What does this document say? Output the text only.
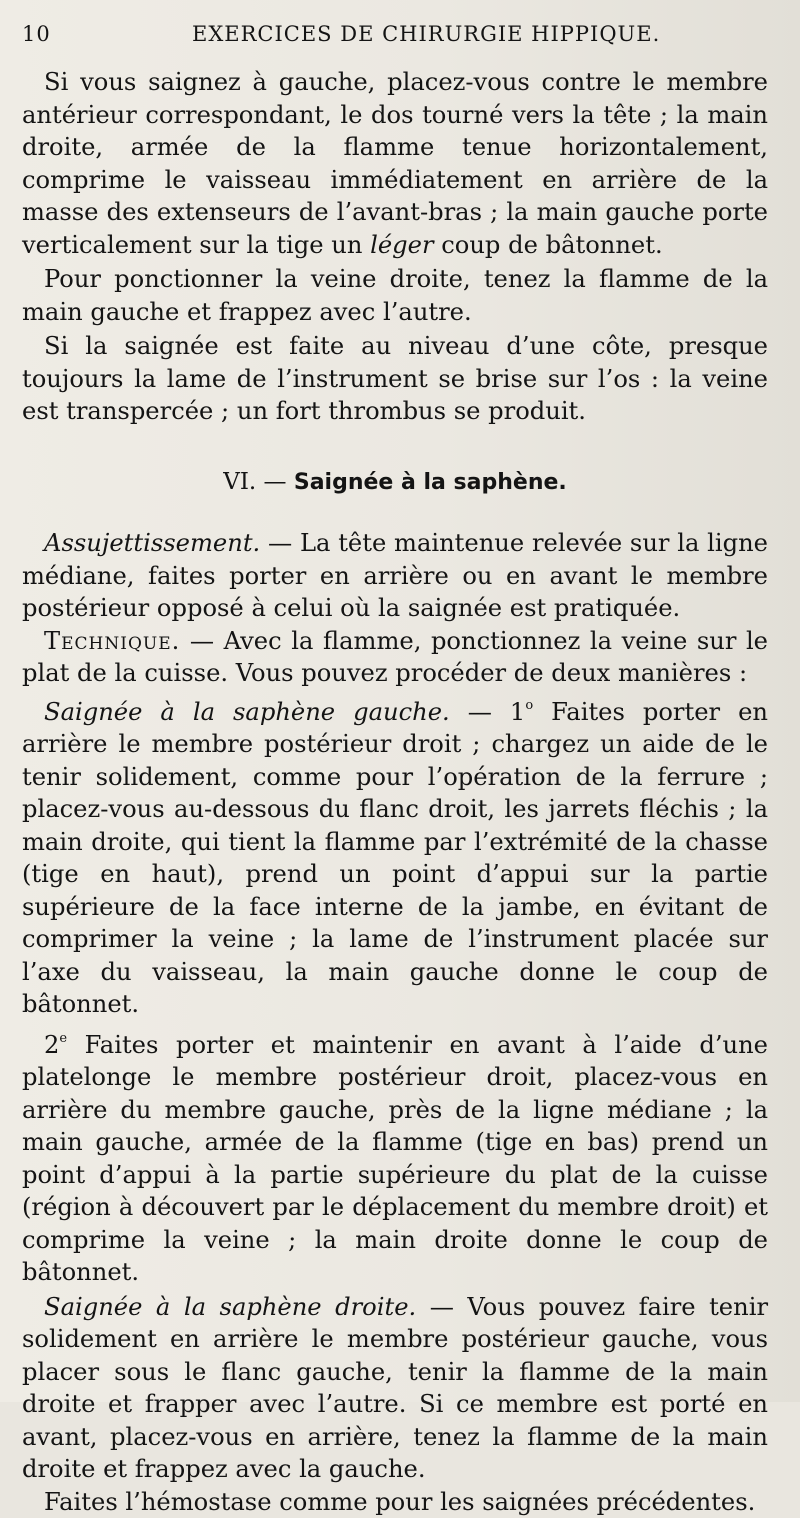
10	EXERCICES DE CHIRURGIE HIPPIQUE.

Si vous saignez à gauche, placez-vous contre le membre antérieur correspondant, le dos tourné vers la tête ; la main droite, armée de la flamme tenue horizontalement, comprime le vaisseau immédiatement en arrière de la masse des extenseurs de l’avant-bras ; la main gauche porte verticalement sur la tige un léger coup de bâtonnet.

Pour ponctionner la veine droite, tenez la flamme de la main gauche et frappez avec l’autre.

Si la saignée est faite au niveau d’une côte, presque toujours la lame de l’instrument se brise sur l’os : la veine est transpercée ; un fort thrombus se produit.

VI. — Saignée à la saphène.

Assujettissement. — La tête maintenue relevée sur la ligne médiane, faites porter en arrière ou en avant le membre postérieur opposé à celui où la saignée est pratiquée.

Technique. — Avec la flamme, ponctionnez la veine sur le plat de la cuisse. Vous pouvez procéder de deux manières :

Saignée à la saphène gauche. — 1$^o$ Faites porter en arrière le membre postérieur droit ; chargez un aide de le tenir solidement, comme pour l’opération de la ferrure ; placez-vous au-dessous du flanc droit, les jarrets fléchis ; la main droite, qui tient la flamme par l’extrémité de la chasse (tige en haut), prend un point d’appui sur la partie supérieure de la face interne de la jambe, en évitant de comprimer la veine ; la lame de l’instrument placée sur l’axe du vaisseau, la main gauche donne le coup de bâtonnet.

2e Faites porter et maintenir en avant à l’aide d’une platelonge le membre postérieur droit, placez-vous en arrière du membre gauche, près de la ligne médiane ; la main gauche, armée de la flamme (tige en bas) prend un point d’appui à la partie supérieure du plat de la cuisse (région à découvert par le déplacement du membre droit) et comprime la veine ; la main droite donne le coup de bâtonnet.

Saignée à la saphène droite. — Vous pouvez faire tenir solidement en arrière le membre postérieur gauche, vous placer sous le flanc gauche, tenir la flamme de la main droite et frapper avec l’autre. Si ce membre est porté en avant, placez-vous en arrière, tenez la flamme de la main droite et frappez avec la gauche.

Faites l’hémostase comme pour les saignées précédentes.
